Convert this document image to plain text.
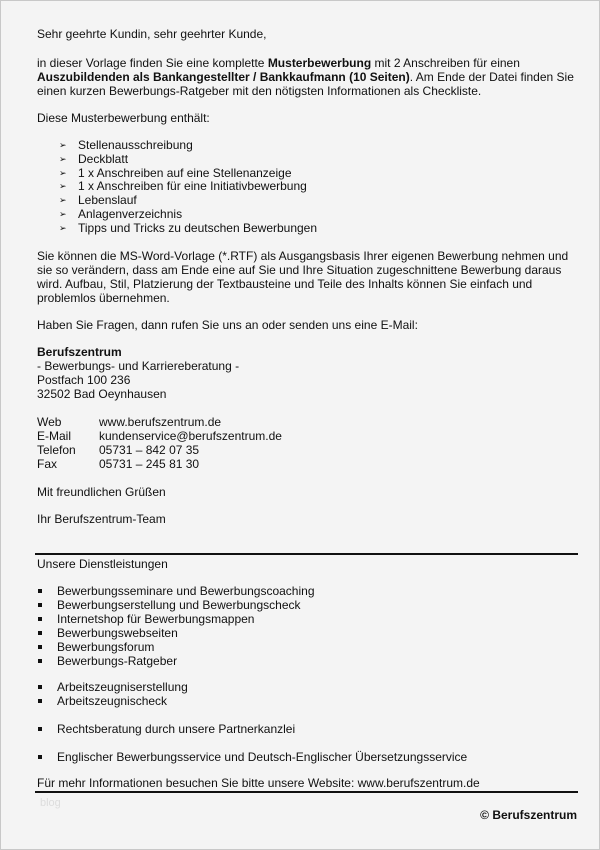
Sehr geehrte Kundin, sehr geehrter Kunde,
in dieser Vorlage finden Sie eine komplette Musterbewerbung mit 2 Anschreiben für einen Auszubildenden als Bankangestellter / Bankkaufmann (10 Seiten). Am Ende der Datei finden Sie einen kurzen Bewerbungs-Ratgeber mit den nötigsten Informationen als Checkliste.
Diese Musterbewerbung enthält:
➢ Stellenausschreibung
➢ Deckblatt
➢ 1 x Anschreiben auf eine Stellenanzeige
➢ 1 x Anschreiben für eine Initiativbewerbung
➢ Lebenslauf
➢ Anlagenverzeichnis
➢ Tipps und Tricks zu deutschen Bewerbungen
Sie können die MS-Word-Vorlage (*.RTF) als Ausgangsbasis Ihrer eigenen Bewerbung nehmen und sie so verändern, dass am Ende eine auf Sie und Ihre Situation zugeschnittene Bewerbung daraus wird. Aufbau, Stil, Platzierung der Textbausteine und Teile des Inhalts können Sie einfach und problemlos übernehmen.
Haben Sie Fragen, dann rufen Sie uns an oder senden uns eine E-Mail:
Berufszentrum
- Bewerbungs- und Karriereberatung -
Postfach 100 236
32502 Bad Oeynhausen
Web	www.berufszentrum.de
E-Mail	kundenservice@berufszentrum.de
Telefon	05731 – 842 07 35
Fax	05731 – 245 81 30
Mit freundlichen Grüßen
Ihr Berufszentrum-Team
Unsere Dienstleistungen
Bewerbungsseminare und Bewerbungscoaching
Bewerbungserstellung und Bewerbungscheck
Internetshop für Bewerbungsmappen
Bewerbungswebseiten
Bewerbungsforum
Bewerbungs-Ratgeber
Arbeitszeugniserstellung
Arbeitszeugnischeck
Rechtsberatung durch unsere Partnerkanzlei
Englischer Bewerbungsservice und Deutsch-Englischer Übersetzungsservice
Für mehr Informationen besuchen Sie bitte unsere Website: www.berufszentrum.de
blog
© Berufszentrum
